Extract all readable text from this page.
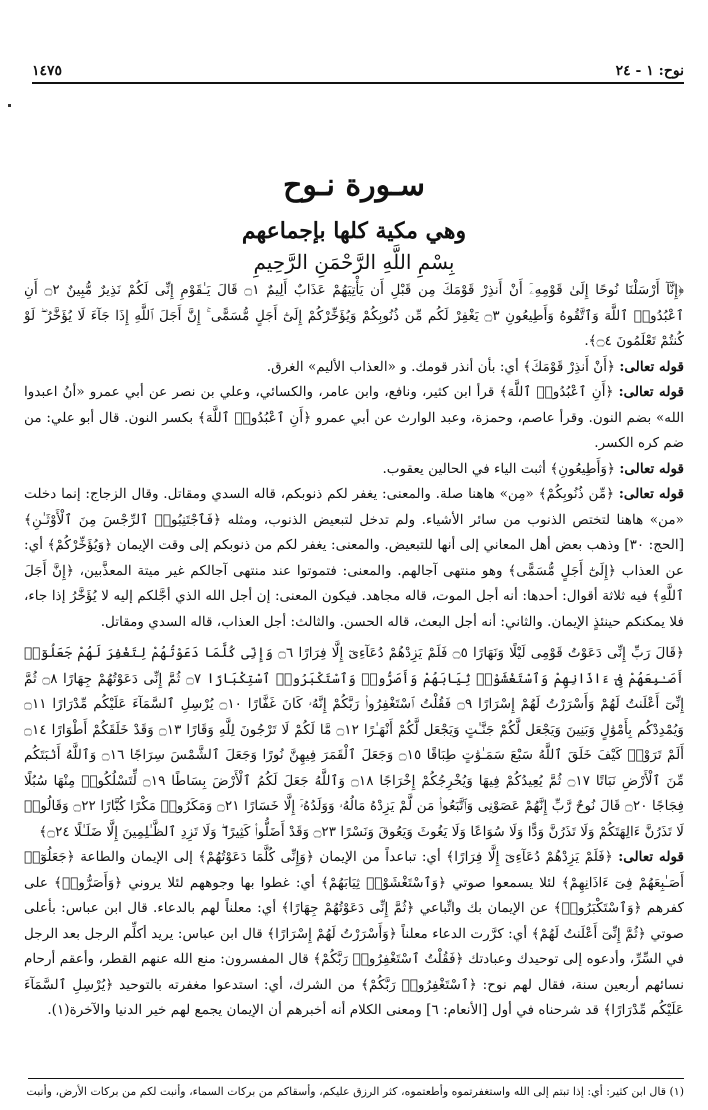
١٤٧٥	نوح: ١ - ٢٤
سـورة نـوح
وهي مكية كلها بإجماعهم
بِسْمِ اللَّهِ الرَّحْمَنِ الرَّحِيمِ

﴿إِنَّآ أَرْسَلْنَا نُوحًا إِلَىٰ قَوْمِهِۦٓ أَنْ أَنذِرْ قَوْمَكَ مِن قَبْلِ أَن يَأْتِيَهُمْ عَذَابٌ أَلِيمٌ ۝١ قَالَ يَـٰقَوْمِ إِنِّى لَكُمْ نَذِيرٌ مُّبِينٌ ۝٢ أَنِ ٱعْبُدُوا۟ ٱللَّهَ وَٱتَّقُوهُ وَأَطِيعُونِ ۝٣ يَغْفِرْ لَكُم مِّن ذُنُوبِكُمْ وَيُؤَخِّرْكُمْ إِلَىٰٓ أَجَلٍ مُّسَمًّى ۚ إِنَّ أَجَلَ ٱللَّهِ إِذَا جَآءَ لَا يُؤَخَّرُ ۖ لَوْ كُنتُمْ تَعْلَمُونَ ۝٤﴾.

قوله تعالى: ﴿أَنْ أَنذِرْ قَوْمَكَ﴾ أي: بأن أنذر قومك. و «العذاب الأليم» الغرق.

قوله تعالى: ﴿أَنِ ٱعْبُدُوا۟ ٱللَّهَ﴾ قرأ ابن كثير، ونافع، وابن عامر، والكسائي، وعلي بن نصر عن أبي عمرو «أنُ اعبدوا الله» بضم النون. وقرأ عاصم، وحمزة، وعبد الوارث عن أبي عمرو ﴿أَنِ ٱعْبُدُوا۟ ٱللَّهَ﴾ بكسر النون. قال أبو علي: من ضم كره الكسر.

قوله تعالى: ﴿وَأَطِيعُونِ﴾ أثبت الياء في الحالين يعقوب.

قوله تعالى: ﴿مِّن ذُنُوبِكُمْ﴾ «مِن» هاهنا صلة. والمعنى: يغفر لكم ذنوبكم، قاله السدي ومقاتل. وقال الزجاج: إنما دخلت «من» هاهنا لتختص الذنوب من سائر الأشياء. ولم تدخل لتبعيض الذنوب، ومثله ﴿فَٱجْتَنِبُوا۟ ٱلرِّجْسَ مِنَ ٱلْأَوْثَـٰنِ﴾ [الحج: ٣٠] وذهب بعض أهل المعاني إلى أنها للتبعيض. والمعنى: يغفر لكم من ذنوبكم إلى وقت الإيمان ﴿وَيُؤَخِّرْكُمْ﴾ أي: عن العذاب ﴿إِلَىٰٓ أَجَلٍ مُّسَمًّى﴾ وهو منتهى آجالهم. والمعنى: فتموتوا عند منتهى آجالكم غير ميتة المعذَّبين، ﴿إِنَّ أَجَلَ ٱللَّهِ﴾ فيه ثلاثة أقوال: أحدها: أنه أجل الموت، قاله مجاهد. فيكون المعنى: إن أجل الله الذي أجَّلكم إليه لا يُؤَخَّرُ إذا جاء، فلا يمكنكم حينئذٍ الإيمان. والثاني: أنه أجل البعث، قاله الحسن. والثالث: أجل العذاب، قاله السدي ومقاتل.

﴿قَالَ رَبِّ إِنِّى دَعَوْتُ قَوْمِى لَيْلًا وَنَهَارًا ۝٥ فَلَمْ يَزِدْهُمْ دُعَآءِىٓ إِلَّا فِرَارًا ۝٦ وَإِنِّى كُلَّمَا دَعَوْتُهُمْ لِتَغْفِرَ لَهُمْ جَعَلُوٓا۟ أَصَـٰبِعَهُمْ فِىٓ ءَاذَانِهِمْ وَٱسْتَغْشَوْا۟ ثِيَابَهُمْ وَأَصَرُّوا۟ وَٱسْتَكْبَرُوا۟ ٱسْتِكْبَارًا ۝٧ ثُمَّ إِنِّى دَعَوْتُهُمْ جِهَارًا ۝٨ ثُمَّ إِنِّىٓ أَعْلَنتُ لَهُمْ وَأَسْرَرْتُ لَهُمْ إِسْرَارًا ۝٩ فَقُلْتُ ٱسْتَغْفِرُوا۟ رَبَّكُمْ إِنَّهُۥ كَانَ غَفَّارًا ۝١٠ يُرْسِلِ ٱلسَّمَآءَ عَلَيْكُم مِّدْرَارًا ۝١١ وَيُمْدِدْكُم بِأَمْوَٰلٍ وَبَنِينَ وَيَجْعَل لَّكُمْ جَنَّـٰتٍ وَيَجْعَل لَّكُمْ أَنْهَـٰرًا ۝١٢ مَّا لَكُمْ لَا تَرْجُونَ لِلَّهِ وَقَارًا ۝١٣ وَقَدْ خَلَقَكُمْ أَطْوَارًا ۝١٤ أَلَمْ تَرَوْا۟ كَيْفَ خَلَقَ ٱللَّهُ سَبْعَ سَمَـٰوَٰتٍ طِبَاقًا ۝١٥ وَجَعَلَ ٱلْقَمَرَ فِيهِنَّ نُورًا وَجَعَلَ ٱلشَّمْسَ سِرَاجًا ۝١٦ وَٱللَّهُ أَنۢبَتَكُم مِّنَ ٱلْأَرْضِ نَبَاتًا ۝١٧ ثُمَّ يُعِيدُكُمْ فِيهَا وَيُخْرِجُكُمْ إِخْرَاجًا ۝١٨ وَٱللَّهُ جَعَلَ لَكُمُ ٱلْأَرْضَ بِسَاطًا ۝١٩ لِّتَسْلُكُوا۟ مِنْهَا سُبُلًا فِجَاجًا ۝٢٠ قَالَ نُوحٌ رَّبِّ إِنَّهُمْ عَصَوْنِى وَٱتَّبَعُوا۟ مَن لَّمْ يَزِدْهُ مَالُهُۥ وَوَلَدُهُۥٓ إِلَّا خَسَارًا ۝٢١ وَمَكَرُوا۟ مَكْرًا كُبَّارًا ۝٢٢ وَقَالُوا۟ لَا تَذَرُنَّ ءَالِهَتَكُمْ وَلَا تَذَرُنَّ وَدًّا وَلَا سُوَاعًا وَلَا يَغُوثَ وَيَعُوقَ وَنَسْرًا ۝٢٣ وَقَدْ أَضَلُّوا۟ كَثِيرًا ۖ وَلَا تَزِدِ ٱلظَّـٰلِمِينَ إِلَّا ضَلَـٰلًا ۝٢٤﴾

قوله تعالى: ﴿فَلَمْ يَزِدْهُمْ دُعَآءِىٓ إِلَّا فِرَارًا﴾ أي: تباعداً من الإيمان ﴿وَإِنِّى كُلَّمَا دَعَوْتُهُمْ﴾ إلى الإيمان والطاعة ﴿جَعَلُوٓا۟ أَصَـٰبِعَهُمْ فِىٓ ءَاذَانِهِمْ﴾ لئلا يسمعوا صوتي ﴿وَٱسْتَغْشَوْا۟ ثِيَابَهُمْ﴾ أي: غطوا بها وجوههم لئلا يروني ﴿وَأَصَرُّوا۟﴾ على كفرهم ﴿وَٱسْتَكْبَرُوا۟﴾ عن الإيمان بك واتِّباعي ﴿ثُمَّ إِنِّى دَعَوْتُهُمْ جِهَارًا﴾ أي: معلناً لهم بالدعاء. قال ابن عباس: بأعلى صوتي ﴿ثُمَّ إِنِّىٓ أَعْلَنتُ لَهُمْ﴾ أي: كرَّرت الدعاء معلناً ﴿وَأَسْرَرْتُ لَهُمْ إِسْرَارًا﴾ قال ابن عباس: يريد أكلِّم الرجل بعد الرجل في السِّرِّ، وأدعوه إلى توحيدك وعبادتك ﴿فَقُلْتُ ٱسْتَغْفِرُوا۟ رَبَّكُمْ﴾ قال المفسرون: منع الله عنهم القطر، وأعقم أرحام نسائهم أربعين سنة، فقال لهم نوح: ﴿ٱسْتَغْفِرُوا۟ رَبَّكُمْ﴾ من الشرك، أي: استدعوا مغفرته بالتوحيد ﴿يُرْسِلِ ٱلسَّمَآءَ عَلَيْكُم مِّدْرَارًا﴾ قد شرحناه في أول [الأنعام: ٦] ومعنى الكلام أنه أخبرهم أن الإيمان يجمع لهم خير الدنيا والآخرة(١).

(١) قال ابن كثير: أي: إذا تبتم إلى الله واستغفرتموه وأطعتموه، كثر الرزق عليكم، وأسقاكم من بركات السماء، وأنبت لكم من بركات الأرض، وأنبت
